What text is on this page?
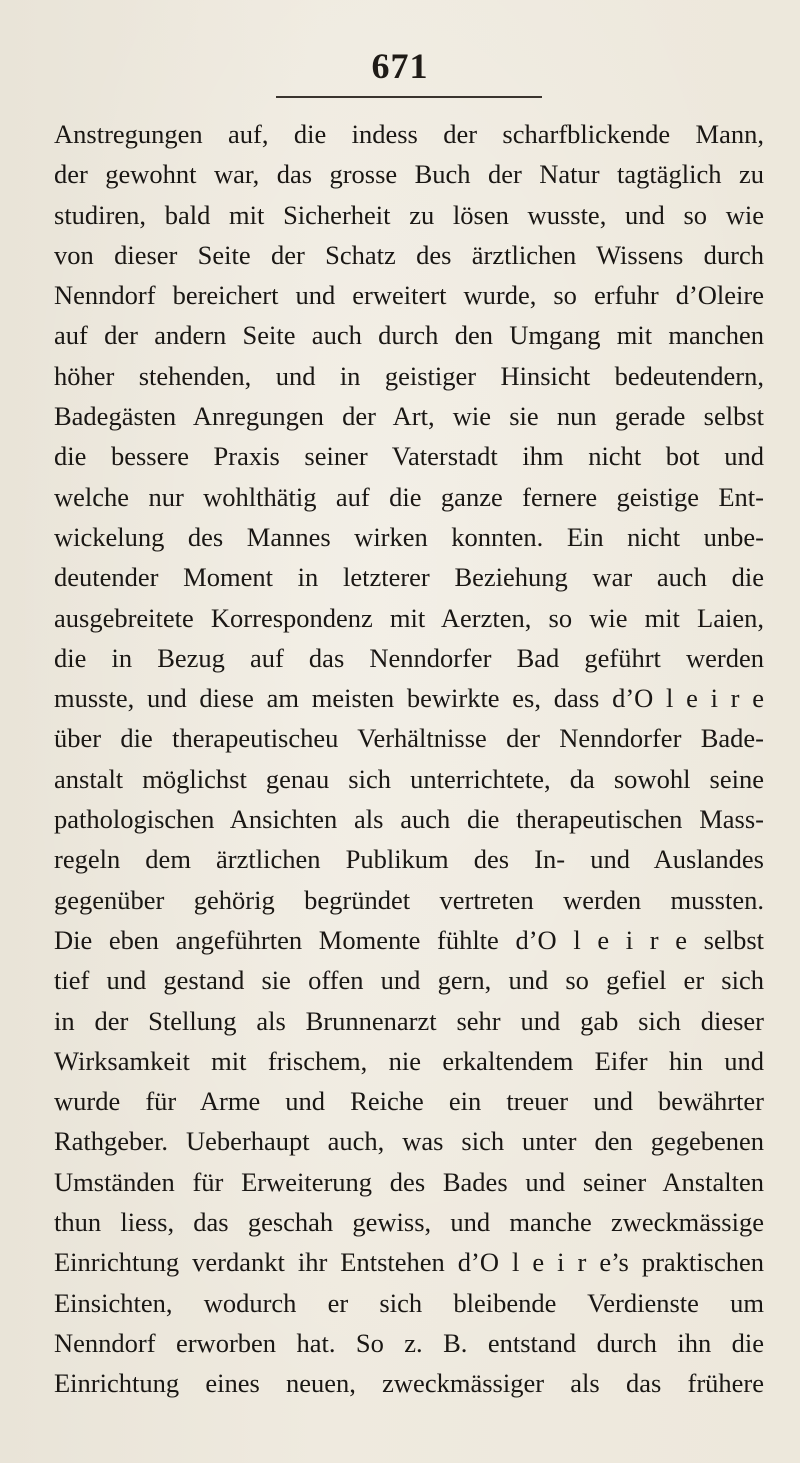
671
Anstregungen auf, die indess der scharfblickende Mann,
der gewohnt war, das grosse Buch der Natur tagtäglich zu
studiren, bald mit Sicherheit zu lösen wusste, und so wie
von dieser Seite der Schatz des ärztlichen Wissens durch
Nenndorf bereichert und erweitert wurde, so erfuhr d’Oleire
auf der andern Seite auch durch den Umgang mit manchen
höher stehenden, und in geistiger Hinsicht bedeutendern,
Badegästen Anregungen der Art, wie sie nun gerade selbst
die bessere Praxis seiner Vaterstadt ihm nicht bot und
welche nur wohlthätig auf die ganze fernere geistige Ent-
wickelung des Mannes wirken konnten. Ein nicht unbe-
deutender Moment in letzterer Beziehung war auch die
ausgebreitete Korrespondenz mit Aerzten, so wie mit Laien,
die in Bezug auf das Nenndorfer Bad geführt werden
musste, und diese am meisten bewirkte es, dass d’O l e i r e
über die therapeutischeu Verhältnisse der Nenndorfer Bade-
anstalt möglichst genau sich unterrichtete, da sowohl seine
pathologischen Ansichten als auch die therapeutischen Mass-
regeln dem ärztlichen Publikum des In- und Auslandes
gegenüber gehörig begründet vertreten werden mussten.
Die eben angeführten Momente fühlte d’O l e i r e selbst
tief und gestand sie offen und gern, und so gefiel er sich
in der Stellung als Brunnenarzt sehr und gab sich dieser
Wirksamkeit mit frischem, nie erkaltendem Eifer hin und
wurde für Arme und Reiche ein treuer und bewährter
Rathgeber. Ueberhaupt auch, was sich unter den gegebenen
Umständen für Erweiterung des Bades und seiner Anstalten
thun liess, das geschah gewiss, und manche zweckmässige
Einrichtung verdankt ihr Entstehen d’O l e i r e’s praktischen
Einsichten, wodurch er sich bleibende Verdienste um
Nenndorf erworben hat. So z. B. entstand durch ihn die
Einrichtung eines neuen, zweckmässiger als das frühere
